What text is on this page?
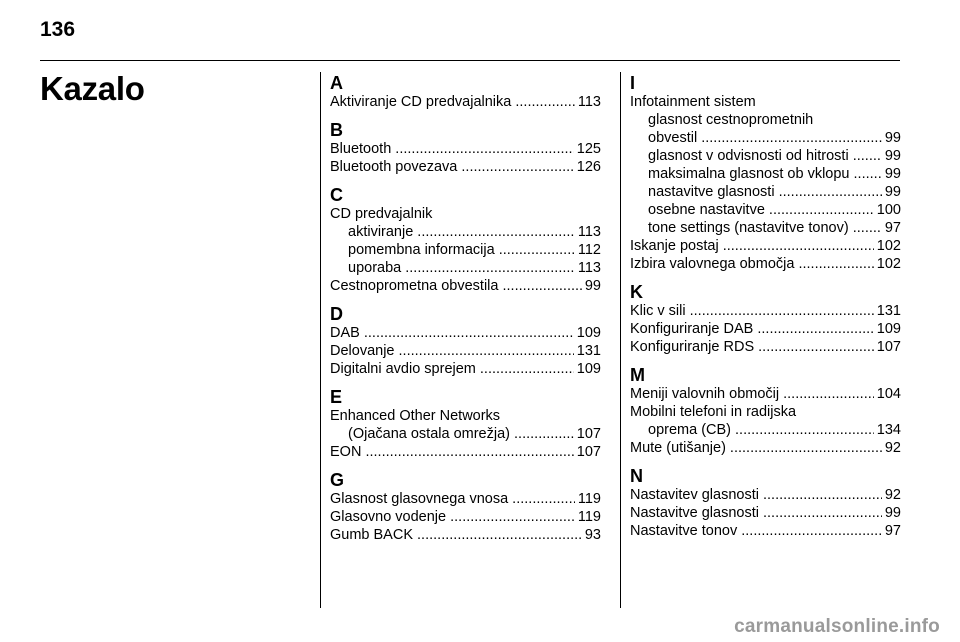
136
Kazalo	A
Aktiviranje CD predvajalnika .....	113
B
Bluetooth .....	125
Bluetooth povezava .....	126
C
CD predvajalnik
aktiviranje .....	113
pomembna informacija .....	112
uporaba .....	113
Cestnoprometna obvestila .....	99
D
DAB .....	109
Delovanje .....	131
Digitalni avdio sprejem .....	109
E
Enhanced Other Networks
(Ojačana ostala omrežja) .....	107
EON .....	107
G
Glasnost glasovnega vnosa .....	119
Glasovno vodenje .....	119
Gumb BACK .....	93
I
Infotainment sistem
glasnost cestnoprometnih
obvestil .....	99
glasnost v odvisnosti od hitrosti .....	99
maksimalna glasnost ob vklopu .....	99
nastavitve glasnosti .....	99
osebne nastavitve .....	100
tone settings (nastavitve tonov) .....	97
Iskanje postaj .....	102
Izbira valovnega območja .....	102
K
Klic v sili .....	131
Konfiguriranje DAB .....	109
Konfiguriranje RDS .....	107
M
Meniji valovnih območij .....	104
Mobilni telefoni in radijska
oprema (CB) .....	134
Mute (utišanje) .....	92
N
Nastavitev glasnosti .....	92
Nastavitve glasnosti .....	99
Nastavitve tonov .....	97
carmanualsonline.info
